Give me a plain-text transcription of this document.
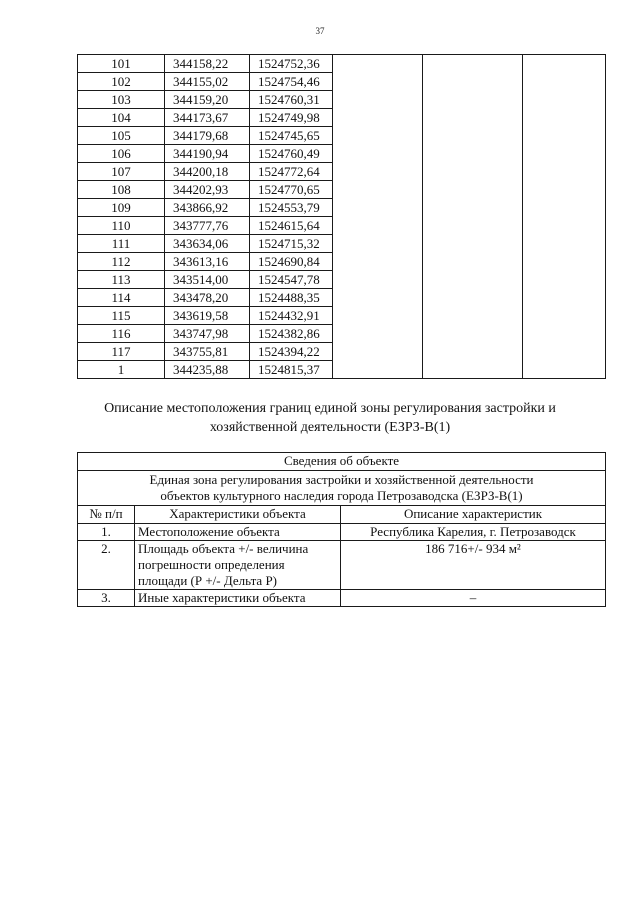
37
101	344158,22	1524752,36			
102	344155,02	1524754,46			
103	344159,20	1524760,31			
104	344173,67	1524749,98			
105	344179,68	1524745,65			
106	344190,94	1524760,49			
107	344200,18	1524772,64			
108	344202,93	1524770,65			
109	343866,92	1524553,79			
110	343777,76	1524615,64			
111	343634,06	1524715,32			
112	343613,16	1524690,84			
113	343514,00	1524547,78			
114	343478,20	1524488,35			
115	343619,58	1524432,91			
116	343747,98	1524382,86			
117	343755,81	1524394,22			
1	344235,88	1524815,37			
Описание местоположения границ единой зоны регулирования застройки и
хозяйственной деятельности (ЕЗРЗ-В(1)
Сведения об объекте		

Единая зона регулирования застройки и хозяйственной деятельности
объектов культурного наследия города Петрозаводска (ЕЗРЗ-В(1)		

№ п/п	Характеристики объекта	Описание характеристик
1.	Местоположение объекта	Республика Карелия, г. Петрозаводск
2.	Площадь объекта +/- величина погрешности определения площади (Р +/- Дельта Р)	186 716+/- 934 м²
3.	Иные характеристики объекта	–
